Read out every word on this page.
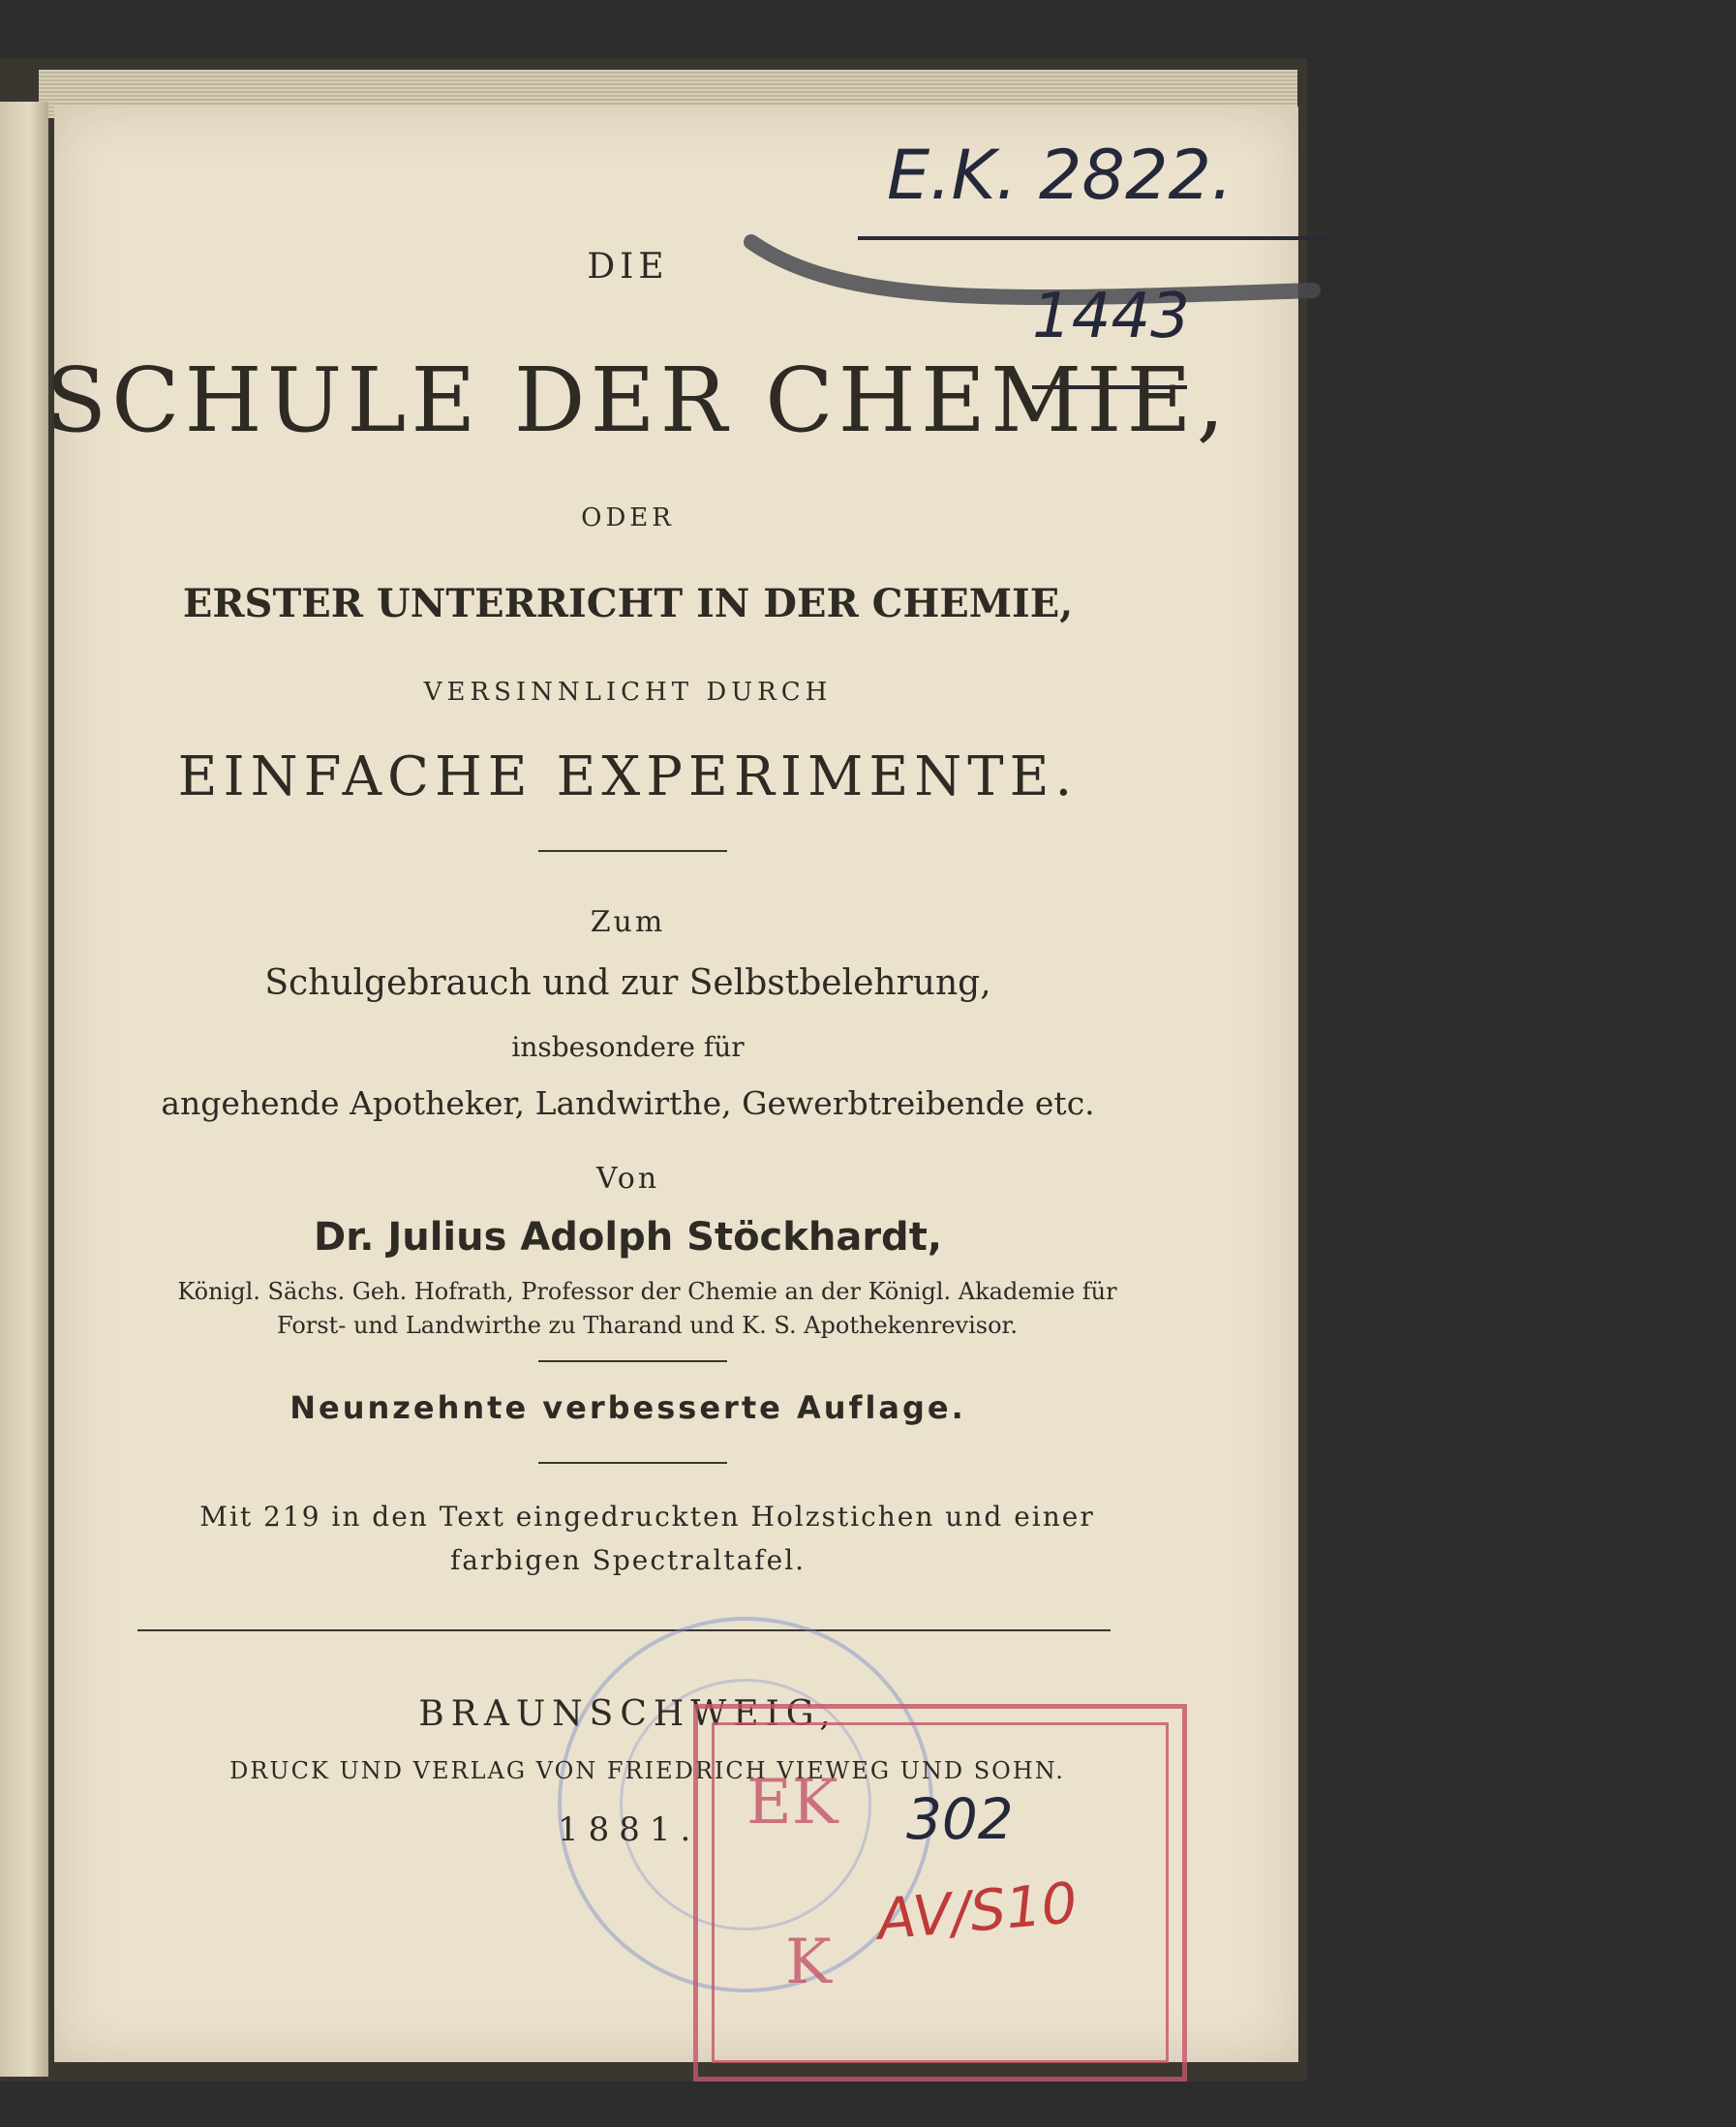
E.K. 2822.
1443
DIE
SCHULE DER CHEMIE,
ODER
ERSTER UNTERRICHT IN DER CHEMIE,
VERSINNLICHT DURCH
EINFACHE EXPERIMENTE.
Zum
Schulgebrauch und zur Selbstbelehrung,
insbesondere für
angehende Apotheker, Landwirthe, Gewerbtreibende etc.
Von
Dr. Julius Adolph Stöckhardt,
Königl. Sächs. Geh. Hofrath, Professor der Chemie an der Königl. Akademie für
Forst- und Landwirthe zu Tharand und K. S. Apothekenrevisor.
Neunzehnte verbesserte Auflage.
Mit 219 in den Text eingedruckten Holzstichen und einer
farbigen Spectraltafel.
BRAUNSCHWEIG,
DRUCK UND VERLAG VON FRIEDRICH VIEWEG UND SOHN.
1881. EK
K
302
AV/S10
